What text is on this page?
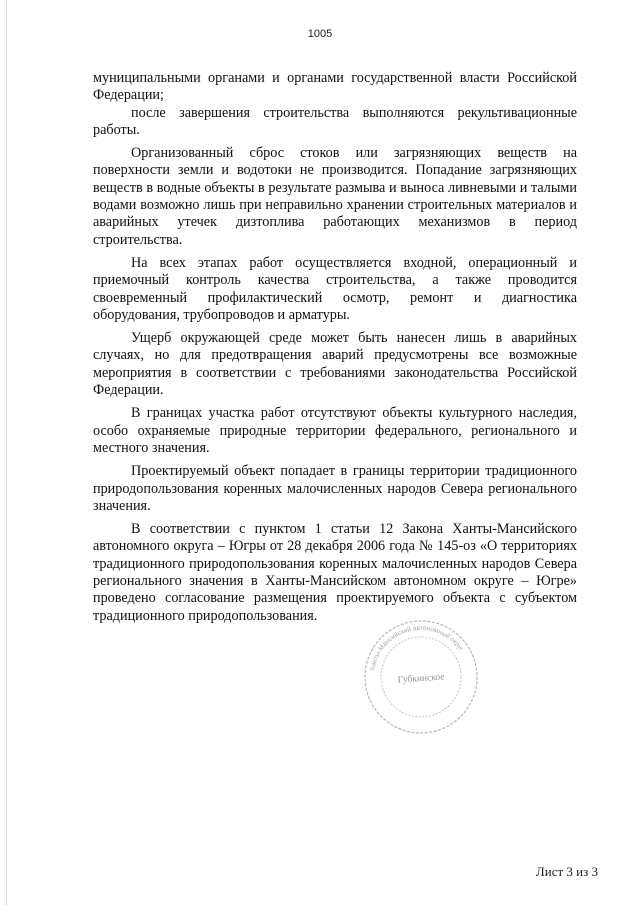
1005

муниципальными органами и органами государственной власти Российской Федерации;

после завершения строительства выполняются рекультивационные работы.

Организованный сброс стоков или загрязняющих веществ на поверхности земли и водотоки не производится. Попадание загрязняющих веществ в водные объекты в результате размыва и выноса ливневыми и талыми водами возможно лишь при неправильно хранении строительных материалов и аварийных утечек дизтоплива работающих механизмов в период строительства.

На всех этапах работ осуществляется входной, операционный и приемочный контроль качества строительства, а также проводится своевременный профилактический осмотр, ремонт и диагностика оборудования, трубопроводов и арматуры.

Ущерб окружающей среде может быть нанесен лишь в аварийных случаях, но для предотвращения аварий предусмотрены все возможные мероприятия в соответствии с требованиями законодательства Российской Федерации.

В границах участка работ отсутствуют объекты культурного наследия, особо охраняемые природные территории федерального, регионального и местного значения.

Проектируемый объект попадает в границы территории традиционного природопользования коренных малочисленных народов Севера регионального значения.

В соответствии с пунктом 1 статьи 12 Закона Ханты-Мансийского автономного округа – Югры от 28 декабря 2006 года № 145-оз «О территориях традиционного природопользования коренных малочисленных народов Севера регионального значения в Ханты-Мансийском автономном округе – Югре» проведено согласование размещения проектируемого объекта с субъектом традиционного природопользования.

Ханты-Мансийский автономный округ
Губкинское
Лист 3 из 3
